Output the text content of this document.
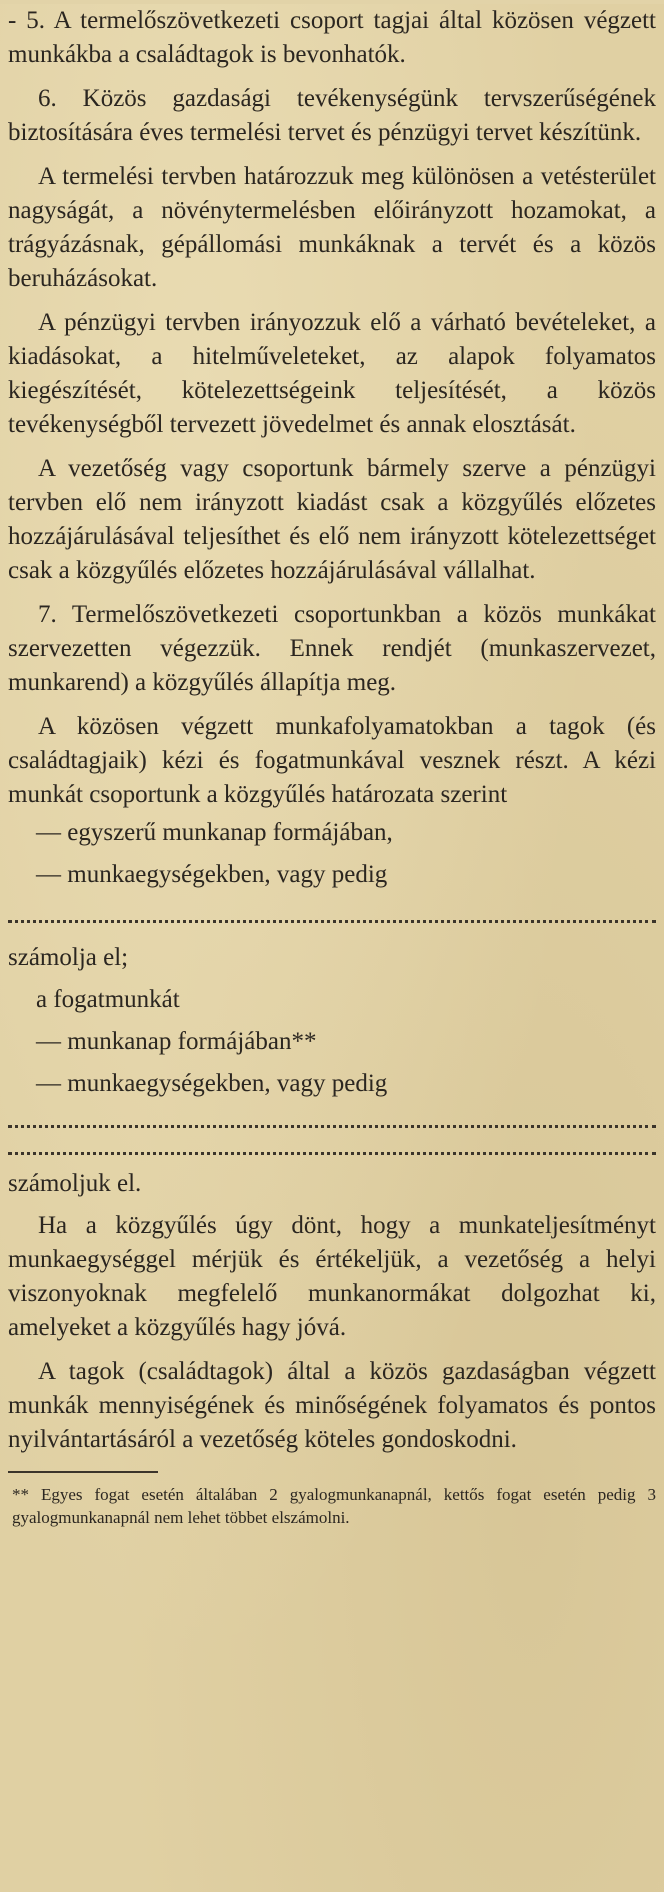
- 5. A termelőszövetkezeti csoport tagjai által közösen végzett munkákba a családtagok is bevonhatók.

6. Közös gazdasági tevékenységünk tervszerűségének biztosítására éves termelési tervet és pénzügyi tervet készítünk.

A termelési tervben határozzuk meg különösen a vetésterület nagyságát, a növénytermelésben előirányzott hozamokat, a trágyázásnak, gépállomási munkáknak a tervét és a közös beruházásokat.

A pénzügyi tervben irányozzuk elő a várható bevételeket, a kiadásokat, a hitelműveleteket, az alapok folyamatos kiegészítését, kötelezettségeink teljesítését, a közös tevékenységből tervezett jövedelmet és annak elosztását.

A vezetőség vagy csoportunk bármely szerve a pénzügyi tervben elő nem irányzott kiadást csak a közgyűlés előzetes hozzájárulásával teljesíthet és elő nem irányzott kötelezettséget csak a közgyűlés előzetes hozzájárulásával vállalhat.

7. Termelőszövetkezeti csoportunkban a közös munkákat szervezetten végezzük. Ennek rendjét (munkaszervezet, munkarend) a közgyűlés állapítja meg.

A közösen végzett munkafolyamatokban a tagok (és családtagjaik) kézi és fogatmunkával vesznek részt. A kézi munkát csoportunk a közgyűlés határozata szerint

— egyszerű munkanap formájában,

— munkaegységekben, vagy pedig

számolja el;

a fogatmunkát

— munkanap formájában**

— munkaegységekben, vagy pedig

számoljuk el.

Ha a közgyűlés úgy dönt, hogy a munkateljesítményt munkaegységgel mérjük és értékeljük, a vezetőség a helyi viszonyoknak megfelelő munkanormákat dolgozhat ki, amelyeket a közgyűlés hagy jóvá.

A tagok (családtagok) által a közös gazdaságban végzett munkák mennyiségének és minőségének folyamatos és pontos nyilvántartásáról a vezetőség köteles gondoskodni.

** Egyes fogat esetén általában 2 gyalogmunkanapnál, kettős fogat esetén pedig 3 gyalogmunkanapnál nem lehet többet elszámolni.
